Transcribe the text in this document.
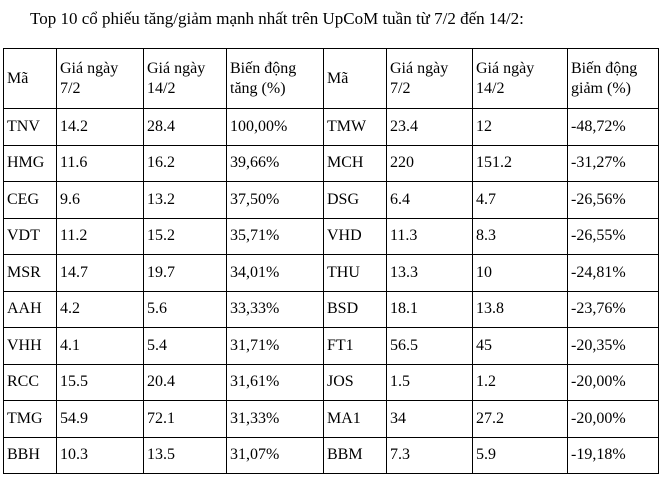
Top 10 cổ phiếu tăng/giảm mạnh nhất trên UpCoM tuần từ 7/2 đến 14/2:
Mã	Giá ngày 7/2	Giá ngày 14/2	Biến động tăng (%)	Mã	Giá ngày 7/2	Giá ngày 14/2	Biến động giảm (%)
TNV	14.2	28.4	100,00%	TMW	23.4	12	-48,72%
HMG	11.6	16.2	39,66%	MCH	220	151.2	-31,27%
CEG	9.6	13.2	37,50%	DSG	6.4	4.7	-26,56%
VDT	11.2	15.2	35,71%	VHD	11.3	8.3	-26,55%
MSR	14.7	19.7	34,01%	THU	13.3	10	-24,81%
AAH	4.2	5.6	33,33%	BSD	18.1	13.8	-23,76%
VHH	4.1	5.4	31,71%	FT1	56.5	45	-20,35%
RCC	15.5	20.4	31,61%	JOS	1.5	1.2	-20,00%
TMG	54.9	72.1	31,33%	MA1	34	27.2	-20,00%
BBH	10.3	13.5	31,07%	BBM	7.3	5.9	-19,18%
